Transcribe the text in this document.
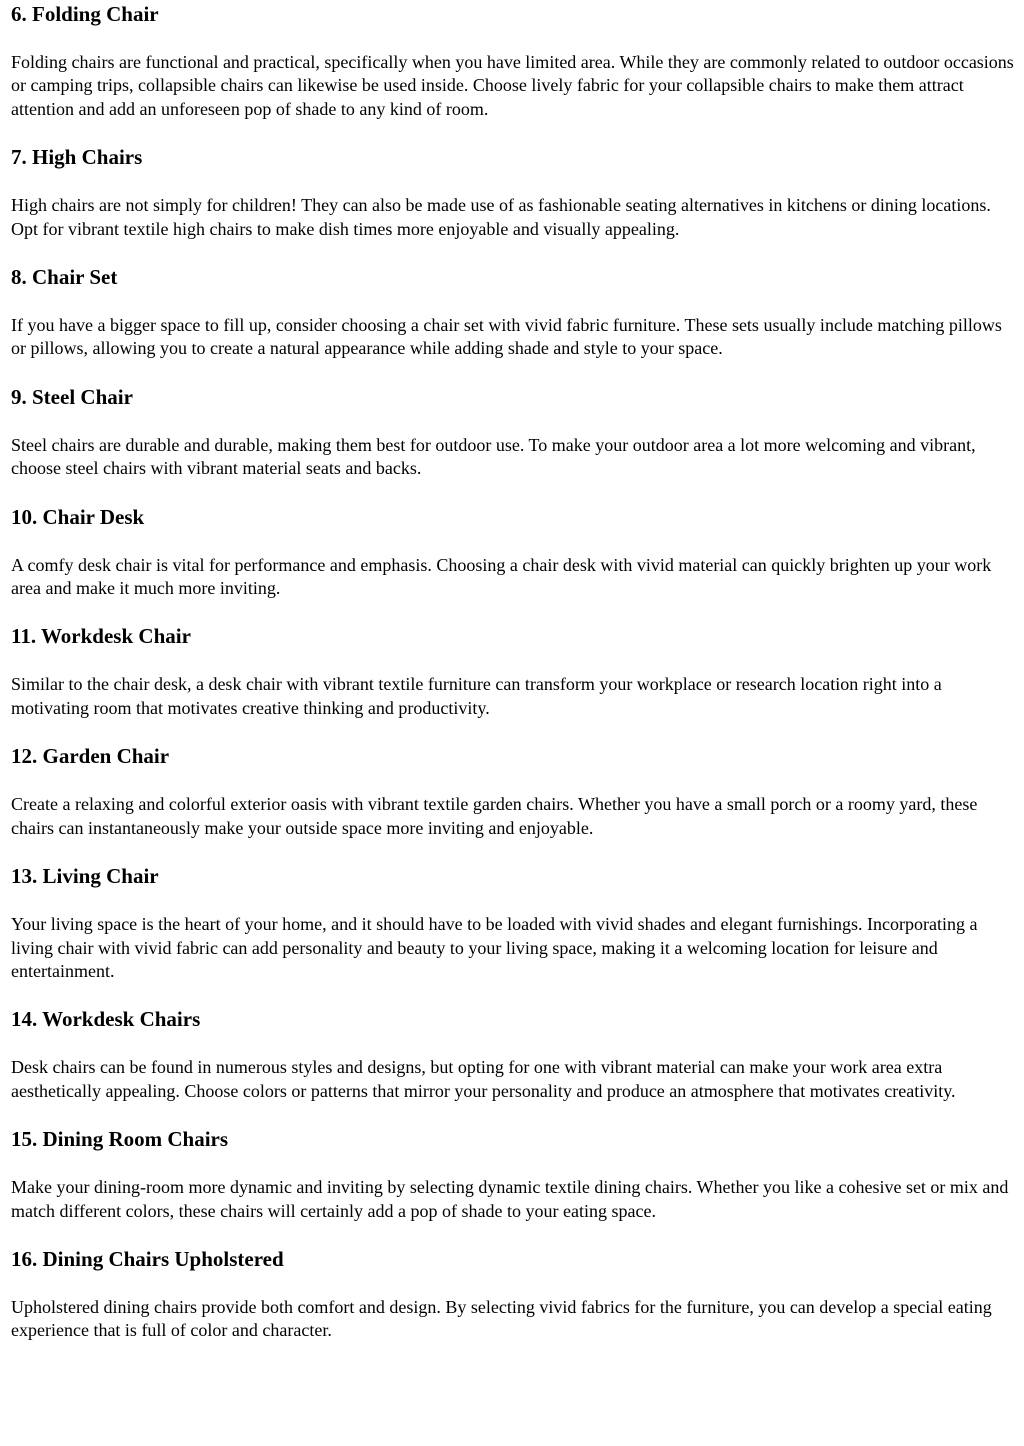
6. Folding Chair

Folding chairs are functional and practical, specifically when you have limited area. While they are commonly related to outdoor occasions or camping trips, collapsible chairs can likewise be used inside. Choose lively fabric for your collapsible chairs to make them attract attention and add an unforeseen pop of shade to any kind of room.

7. High Chairs

High chairs are not simply for children! They can also be made use of as fashionable seating alternatives in kitchens or dining locations. Opt for vibrant textile high chairs to make dish times more enjoyable and visually appealing.

8. Chair Set

If you have a bigger space to fill up, consider choosing a chair set with vivid fabric furniture. These sets usually include matching pillows or pillows, allowing you to create a natural appearance while adding shade and style to your space.

9. Steel Chair

Steel chairs are durable and durable, making them best for outdoor use. To make your outdoor area a lot more welcoming and vibrant, choose steel chairs with vibrant material seats and backs.

10. Chair Desk

A comfy desk chair is vital for performance and emphasis. Choosing a chair desk with vivid material can quickly brighten up your work area and make it much more inviting.

11. Workdesk Chair

Similar to the chair desk, a desk chair with vibrant textile furniture can transform your workplace or research location right into a motivating room that motivates creative thinking and productivity.

12. Garden Chair

Create a relaxing and colorful exterior oasis with vibrant textile garden chairs. Whether you have a small porch or a roomy yard, these chairs can instantaneously make your outside space more inviting and enjoyable.

13. Living Chair

Your living space is the heart of your home, and it should have to be loaded with vivid shades and elegant furnishings. Incorporating a living chair with vivid fabric can add personality and beauty to your living space, making it a welcoming location for leisure and entertainment.

14. Workdesk Chairs

Desk chairs can be found in numerous styles and designs, but opting for one with vibrant material can make your work area extra aesthetically appealing. Choose colors or patterns that mirror your personality and produce an atmosphere that motivates creativity.

15. Dining Room Chairs

Make your dining-room more dynamic and inviting by selecting dynamic textile dining chairs. Whether you like a cohesive set or mix and match different colors, these chairs will certainly add a pop of shade to your eating space.

16. Dining Chairs Upholstered

Upholstered dining chairs provide both comfort and design. By selecting vivid fabrics for the furniture, you can develop a special eating experience that is full of color and character.
